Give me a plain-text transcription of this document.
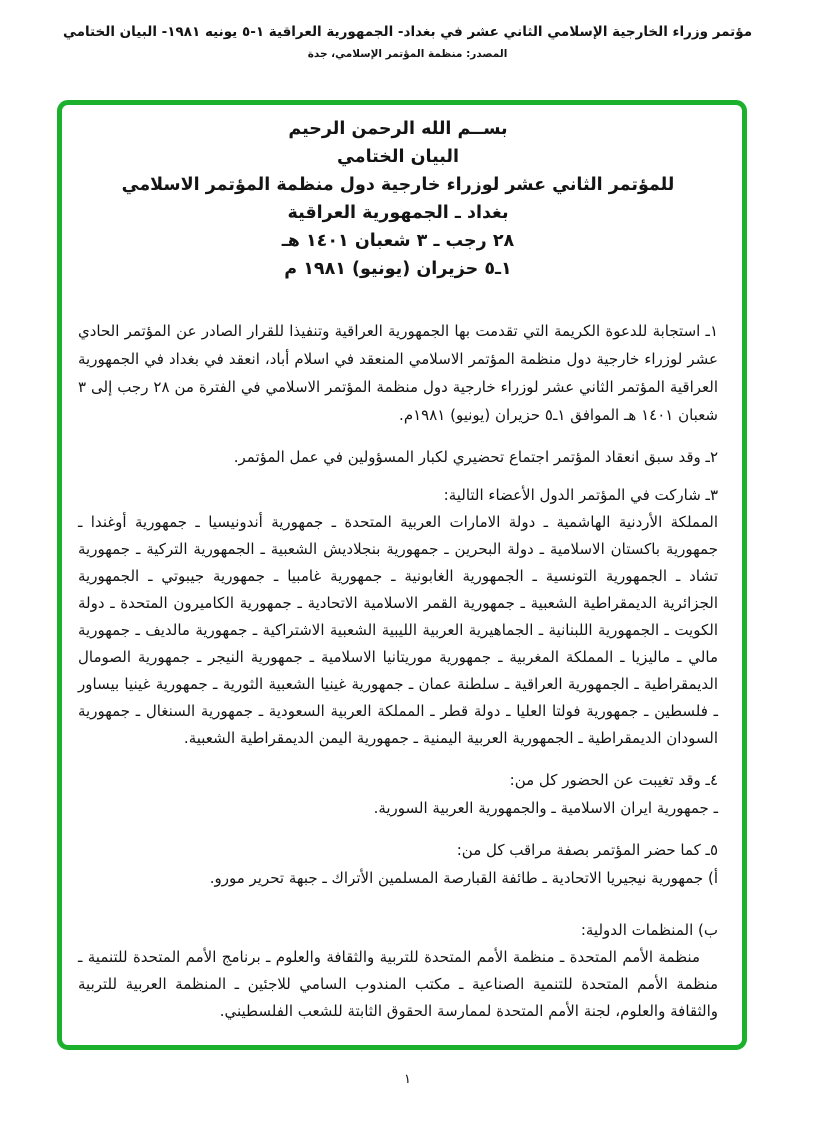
مؤتمر وزراء الخارجية الإسلامي الثاني عشر في بغداد- الجمهورية العراقية ١-٥ يونيه ١٩٨١- البيان الختامي
المصدر: منظمة المؤتمر الإسلامي، جدة
بســم الله الرحمن الرحيم
البيان الختامي
للمؤتمر الثاني عشر لوزراء خارجية دول منظمة المؤتمر الاسلامي
بغداد ـ الجمهورية العراقية
٢٨ رجب ـ ٣ شعبان ١٤٠١ هـ
١ـ٥ حزيران (يونيو) ١٩٨١ م

١ـ استجابة للدعوة الكريمة التي تقدمت بها الجمهورية العراقية وتنفيذا للقرار الصادر عن المؤتمر الحادي عشر لوزراء خارجية دول منظمة المؤتمر الاسلامي المنعقد في اسلام أباد، انعقد في بغداد في الجمهورية العراقية المؤتمر الثاني عشر لوزراء خارجية دول منظمة المؤتمر الاسلامي في الفترة من ٢٨ رجب إلى ٣ شعبان ١٤٠١ هـ الموافق ١ـ٥ حزيران (يونيو) ١٩٨١م.

٢ـ وقد سبق انعقاد المؤتمر اجتماع تحضيري لكبار المسؤولين في عمل المؤتمر.

٣ـ شاركت في المؤتمر الدول الأعضاء التالية:

المملكة الأردنية الهاشمية ـ دولة الامارات العربية المتحدة ـ جمهورية أندونيسيا ـ جمهورية أوغندا ـ جمهورية باكستان الاسلامية ـ دولة البحرين ـ جمهورية بنجلاديش الشعبية ـ الجمهورية التركية ـ جمهورية تشاد ـ الجمهورية التونسية ـ الجمهورية الغابونية ـ جمهورية غامبيا ـ جمهورية جيبوتي ـ الجمهورية الجزائرية الديمقراطية الشعبية ـ جمهورية القمر الاسلامية الاتحادية ـ جمهورية الكاميرون المتحدة ـ دولة الكويت ـ الجمهورية اللبنانية ـ الجماهيرية العربية الليبية الشعبية الاشتراكية ـ جمهورية مالديف ـ جمهورية مالي ـ ماليزيا ـ المملكة المغربية ـ جمهورية موريتانيا الاسلامية ـ جمهورية النيجر ـ جمهورية الصومال الديمقراطية ـ الجمهورية العراقية ـ سلطنة عمان ـ جمهورية غينيا الشعبية الثورية ـ جمهورية غينيا بيساور ـ فلسطين ـ جمهورية فولتا العليا ـ دولة قطر ـ المملكة العربية السعودية ـ جمهورية السنغال ـ جمهورية السودان الديمقراطية ـ الجمهورية العربية اليمنية ـ جمهورية اليمن الديمقراطية الشعبية.

٤ـ وقد تغيبت عن الحضور كل من:

ـ جمهورية ايران الاسلامية ـ والجمهورية العربية السورية.

٥ـ كما حضر المؤتمر بصفة مراقب كل من:

أ) جمهورية نيجيريا الاتحادية ـ طائفة القبارصة المسلمين الأتراك ـ جبهة تحرير مورو.

ب) المنظمات الدولية:

منظمة الأمم المتحدة ـ منظمة الأمم المتحدة للتربية والثقافة والعلوم ـ برنامج الأمم المتحدة للتنمية ـ منظمة الأمم المتحدة للتنمية الصناعية ـ مكتب المندوب السامي للاجئين ـ المنظمة العربية للتربية والثقافة والعلوم، لجنة الأمم المتحدة لممارسة الحقوق الثابتة للشعب الفلسطيني.

١
